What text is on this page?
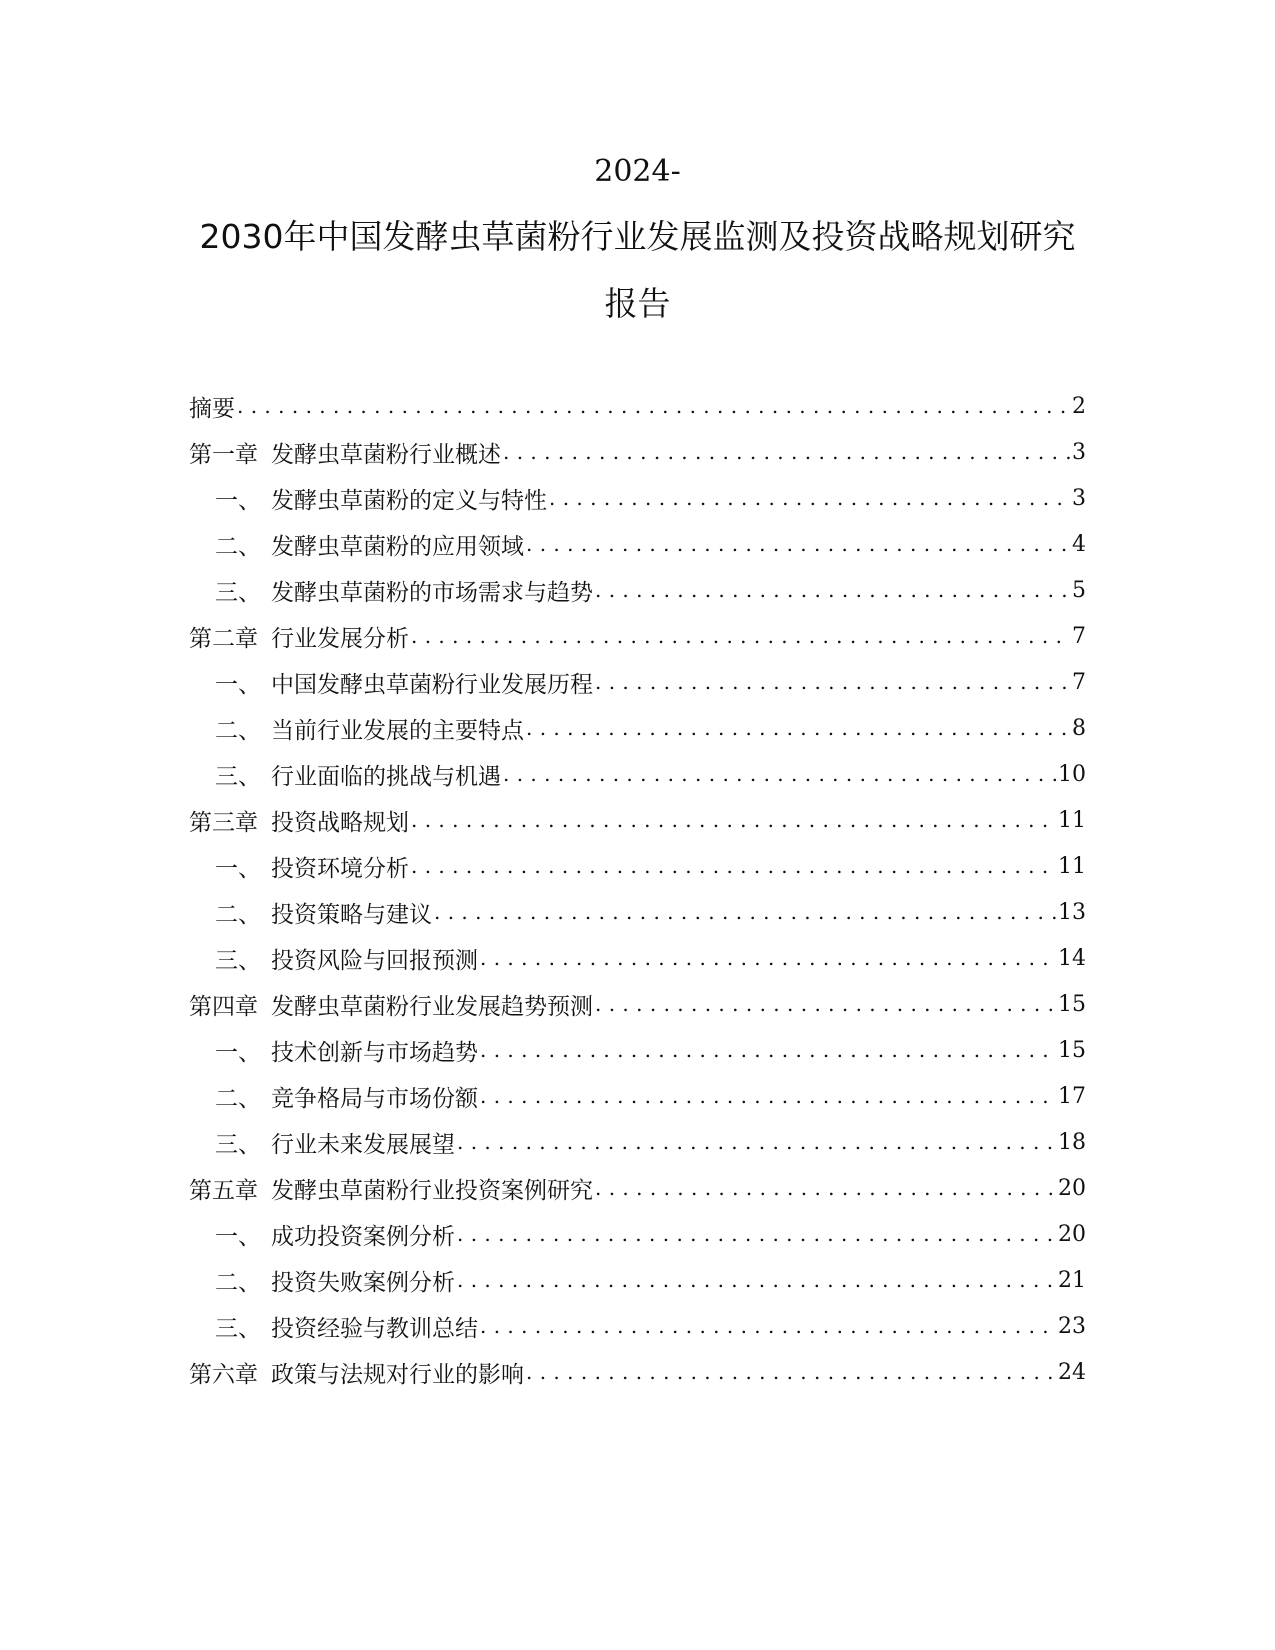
2024-
2030年中国发酵虫草菌粉行业发展监测及投资战略规划研究
报告
摘要 . . .	2
第一章 发酵虫草菌粉行业概述 . . .	3
一、 发酵虫草菌粉的定义与特性 . . .	3
二、 发酵虫草菌粉的应用领域 . . .	4
三、 发酵虫草菌粉的市场需求与趋势 . . .	5
第二章 行业发展分析 . . .	7
一、 中国发酵虫草菌粉行业发展历程 . . .	7
二、 当前行业发展的主要特点 . . .	8
三、 行业面临的挑战与机遇 . . .	10
第三章 投资战略规划 . . .	11
一、 投资环境分析 . . .	11
二、 投资策略与建议 . . .	13
三、 投资风险与回报预测 . . .	14
第四章 发酵虫草菌粉行业发展趋势预测 . . .	15
一、 技术创新与市场趋势 . . .	15
二、 竞争格局与市场份额 . . .	17
三、 行业未来发展展望 . . .	18
第五章 发酵虫草菌粉行业投资案例研究 . . .	20
一、 成功投资案例分析 . . .	20
二、 投资失败案例分析 . . .	21
三、 投资经验与教训总结 . . .	23
第六章 政策与法规对行业的影响 . . .	24
